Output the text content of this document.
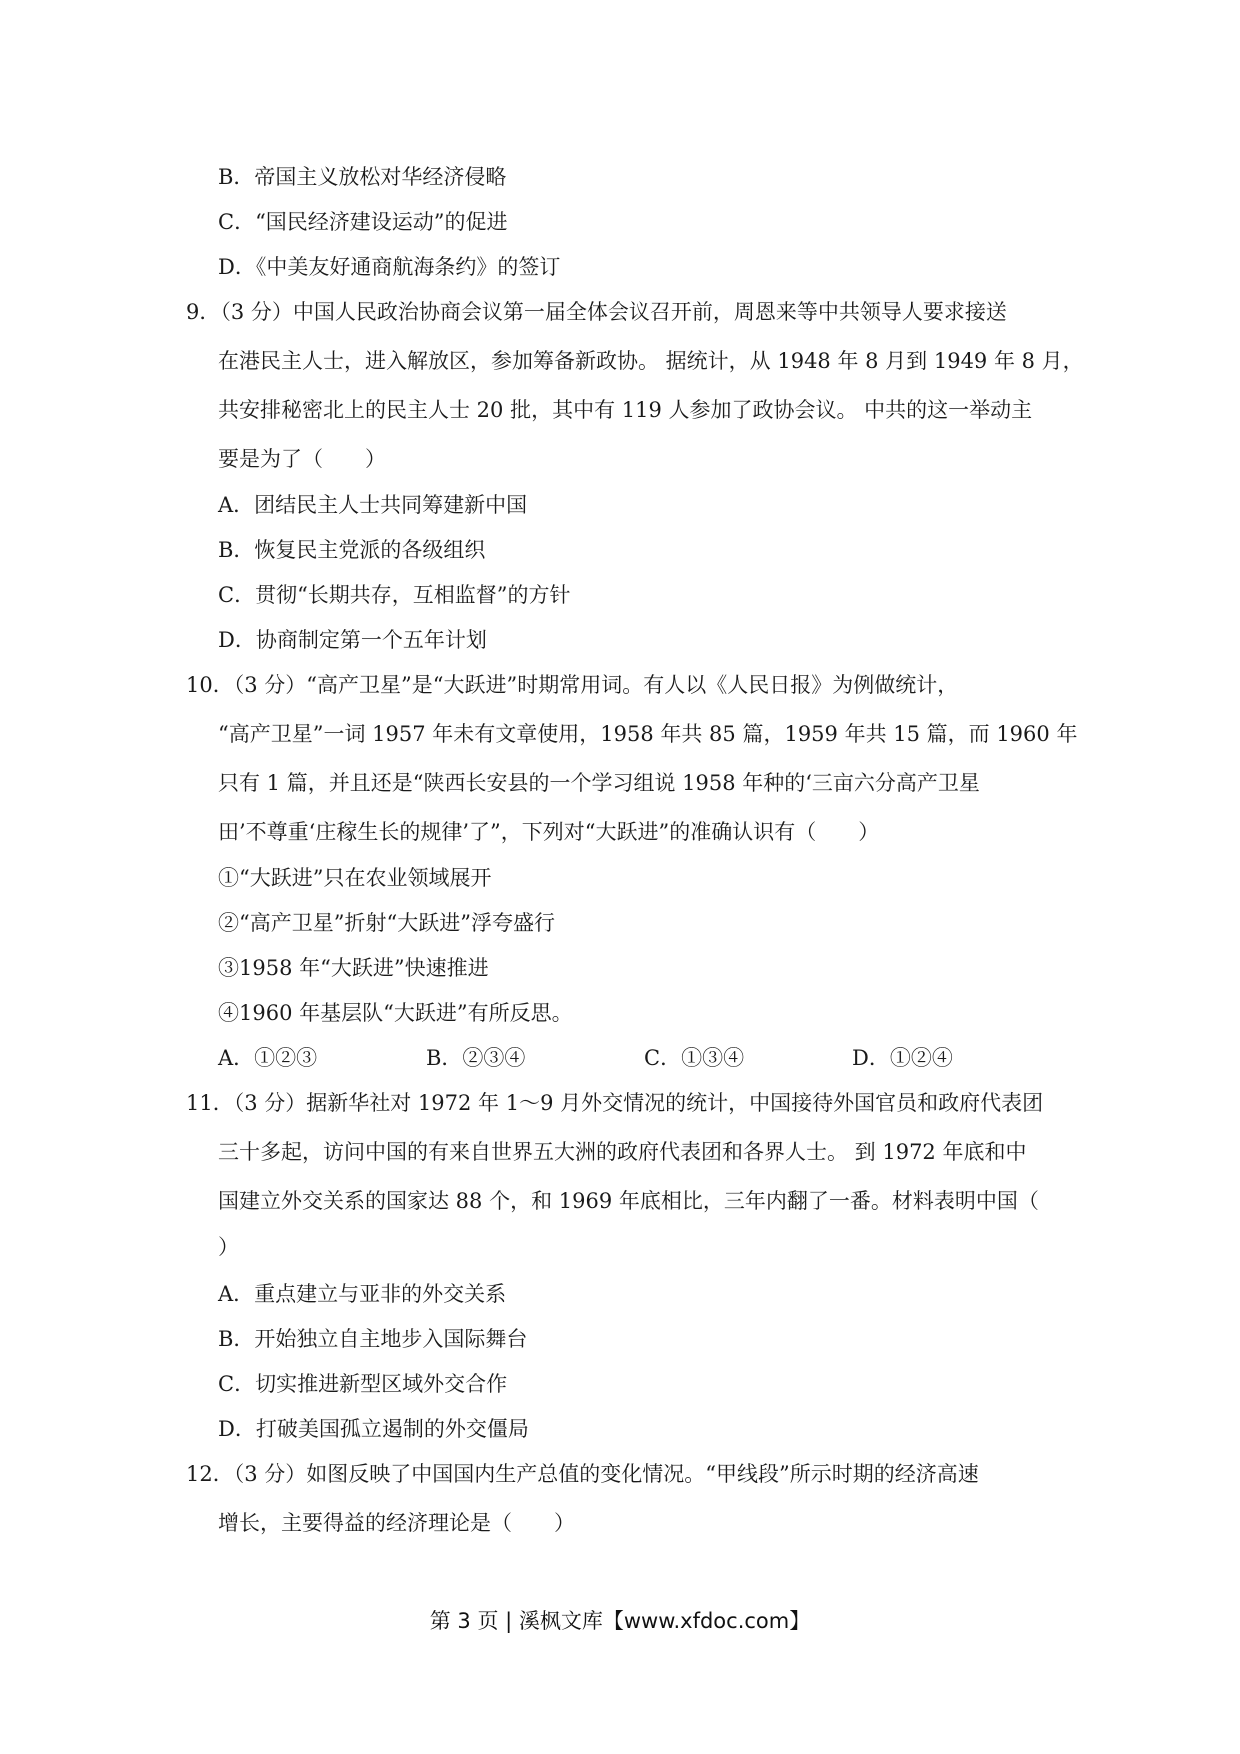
B．帝国主义放松对华经济侵略
C．“国民经济建设运动”的促进
D．《中美友好通商航海条约》的签订
9．（3 分）中国人民政治协商会议第一届全体会议召开前，周恩来等中共领导人要求接送
在港民主人士，进入解放区，参加筹备新政协。 据统计，从 1948 年 8 月到 1949 年 8 月，
共安排秘密北上的民主人士 20 批，其中有 119 人参加了政协会议。 中共的这一举动主
要是为了（　　）
A．团结民主人士共同筹建新中国
B．恢复民主党派的各级组织
C．贯彻“长期共存，互相监督”的方针
D．协商制定第一个五年计划
10．（3 分）“高产卫星”是“大跃进”时期常用词。有人以《人民日报》为例做统计，
“高产卫星”一词 1957 年未有文章使用，1958 年共 85 篇，1959 年共 15 篇，而 1960 年
只有 1 篇，并且还是“陕西长安县的一个学习组说 1958 年种的‘三亩六分高产卫星
田’不尊重‘庄稼生长的规律’了”，下列对“大跃进”的准确认识有（　　）
①“大跃进”只在农业领域展开
②“高产卫星”折射“大跃进”浮夸盛行
③1958 年“大跃进”快速推进
④1960 年基层队“大跃进”有所反思。
A．①②③	B．②③④	C．①③④	D．①②④
11．（3 分）据新华社对 1972 年 1～9 月外交情况的统计，中国接待外国官员和政府代表团
三十多起，访问中国的有来自世界五大洲的政府代表团和各界人士。 到 1972 年底和中
国建立外交关系的国家达 88 个，和 1969 年底相比，三年内翻了一番。材料表明中国（
）
A．重点建立与亚非的外交关系
B．开始独立自主地步入国际舞台
C．切实推进新型区域外交合作
D．打破美国孤立遏制的外交僵局
12．（3 分）如图反映了中国国内生产总值的变化情况。“甲线段”所示时期的经济高速
增长，主要得益的经济理论是（　　）
第 3 页 | 溪枫文库【www.xfdoc.com】
